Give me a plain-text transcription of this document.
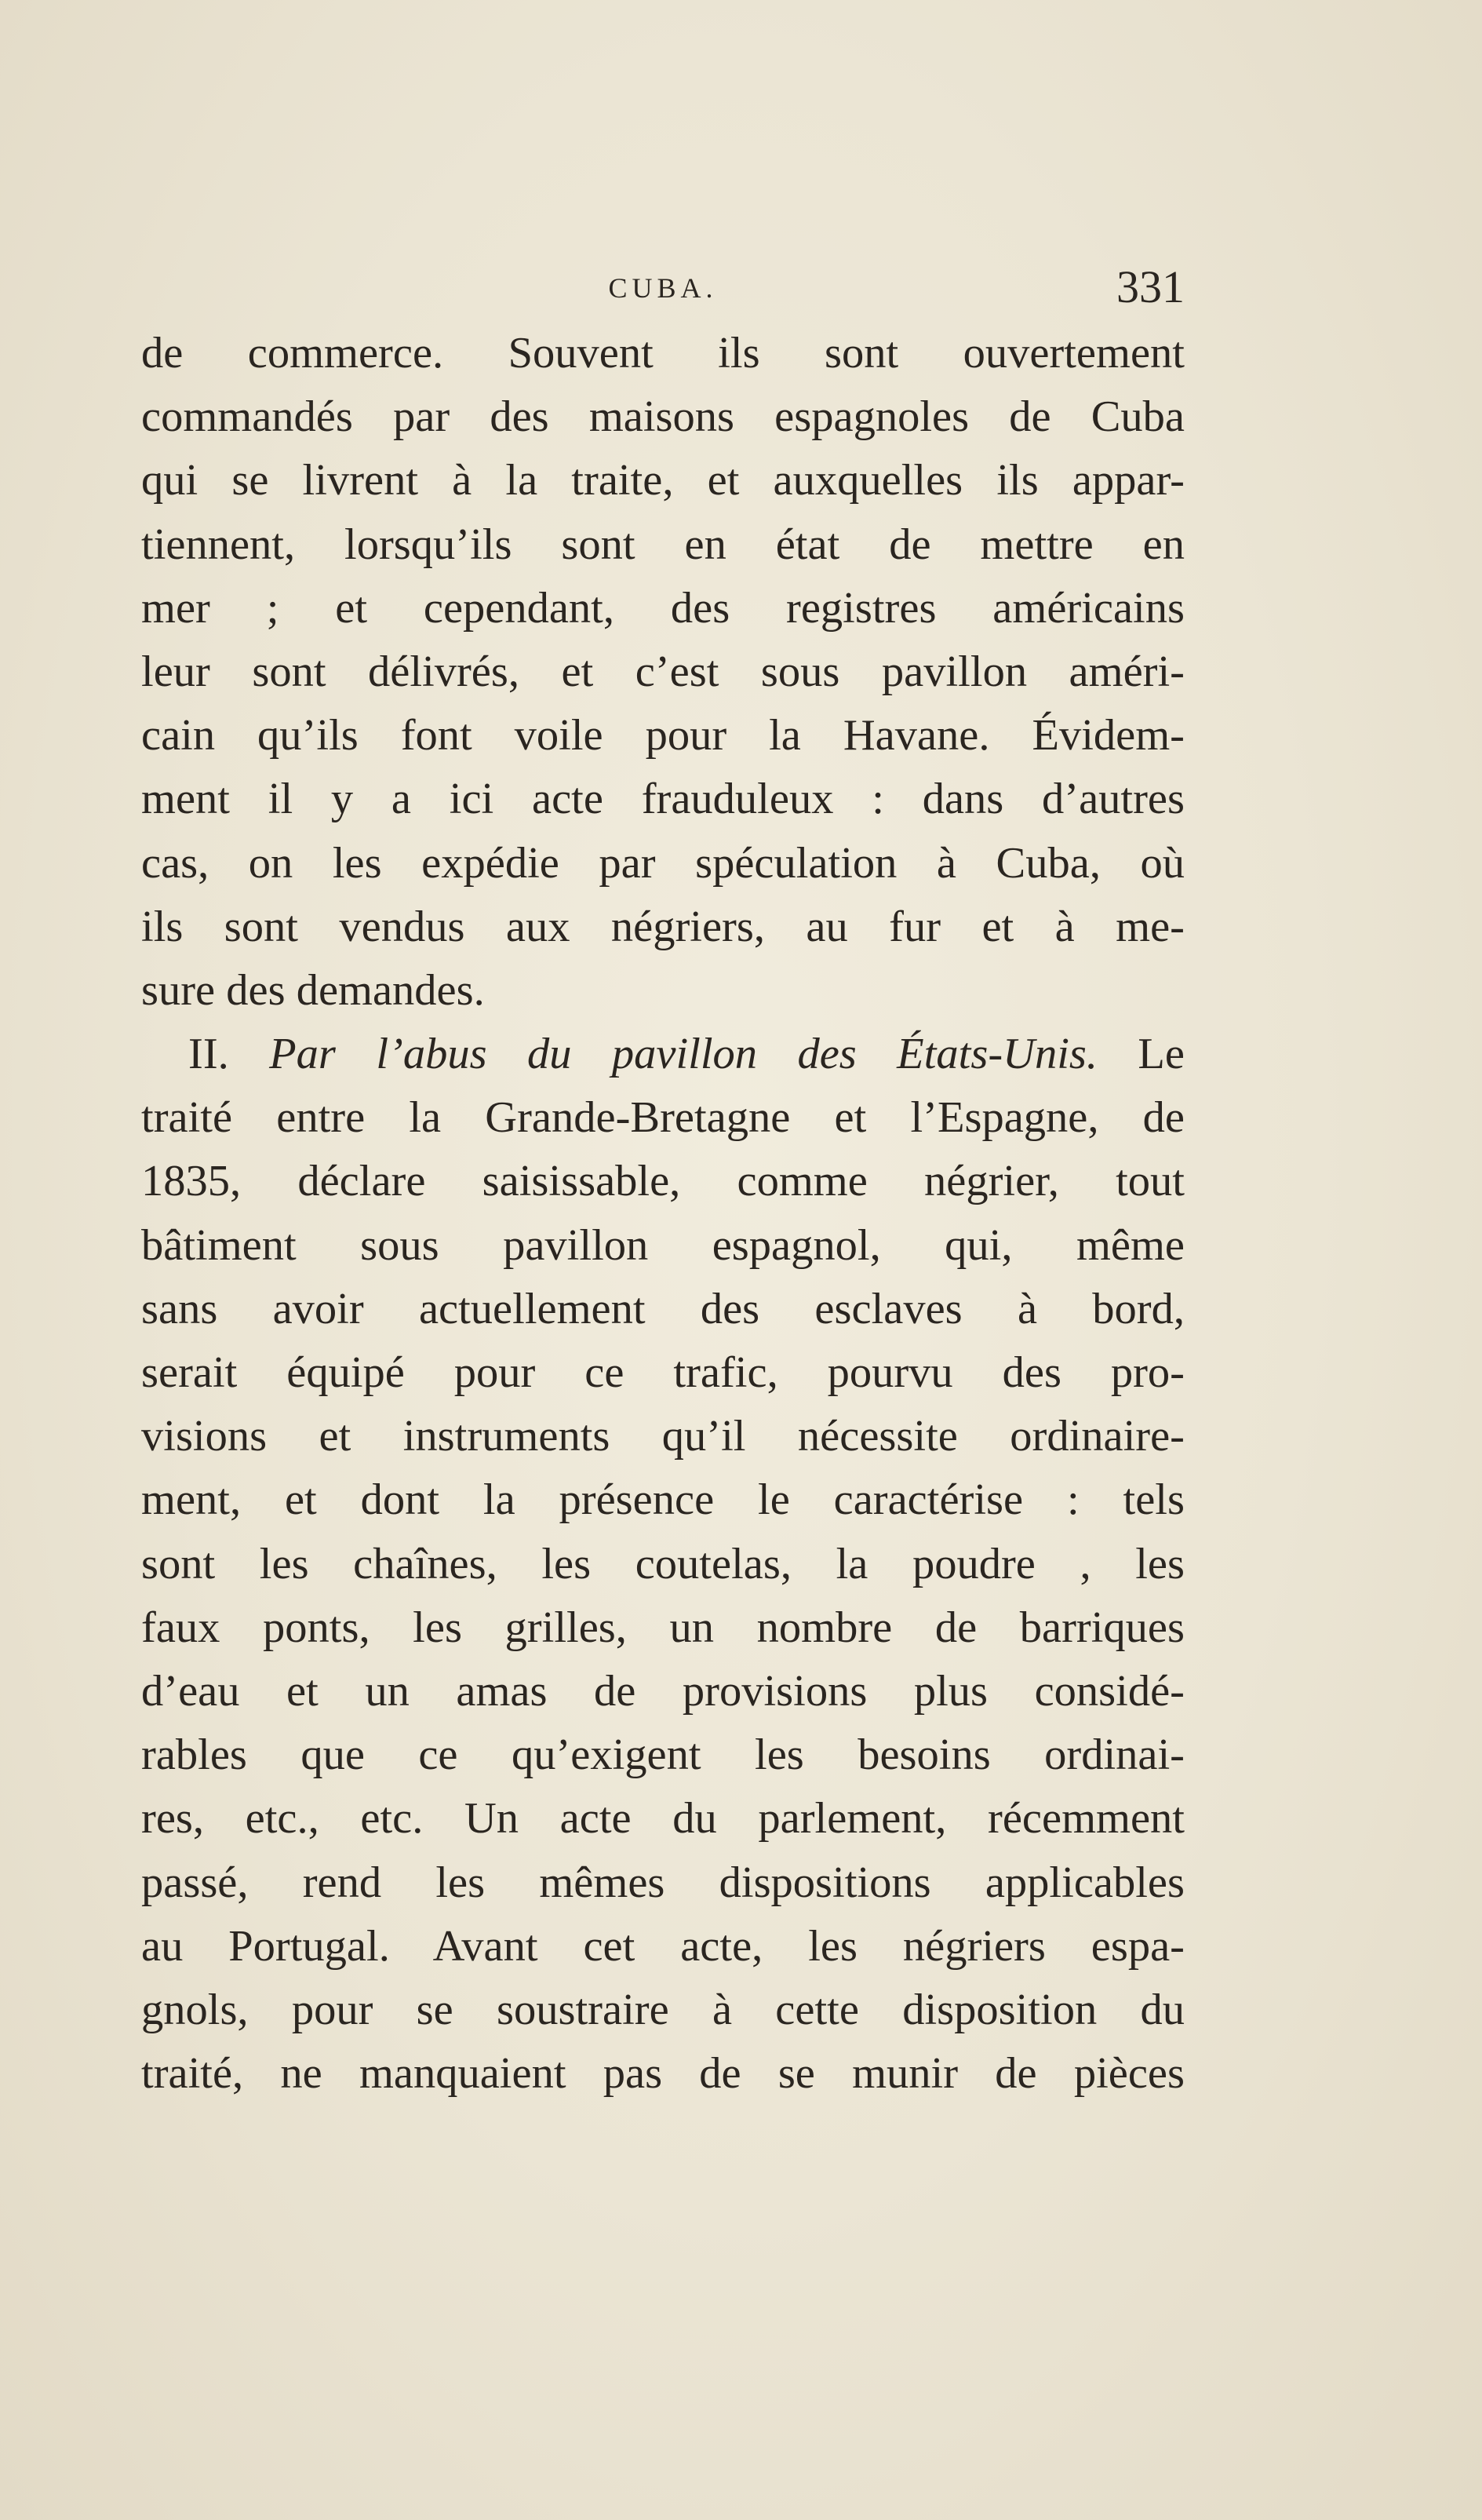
CUBA.	331
de commerce. Souvent ils sont ouvertement
commandés par des maisons espagnoles de Cuba
qui se livrent à la traite, et auxquelles ils appar-
tiennent, lorsqu’ils sont en état de mettre en
mer ; et cependant, des registres américains
leur sont délivrés, et c’est sous pavillon améri-
cain qu’ils font voile pour la Havane. Évidem-
ment il y a ici acte frauduleux : dans d’autres
cas, on les expédie par spéculation à Cuba, où
ils sont vendus aux négriers, au fur et à me-
sure des demandes.
II. Par l’abus du pavillon des États-Unis. Le
traité entre la Grande-Bretagne et l’Espagne, de
1835, déclare saisissable, comme négrier, tout
bâtiment sous pavillon espagnol, qui, même
sans avoir actuellement des esclaves à bord,
serait équipé pour ce trafic, pourvu des pro-
visions et instruments qu’il nécessite ordinaire-
ment, et dont la présence le caractérise : tels
sont les chaînes, les coutelas, la poudre , les
faux ponts, les grilles, un nombre de barriques
d’eau et un amas de provisions plus considé-
rables que ce qu’exigent les besoins ordinai-
res, etc., etc. Un acte du parlement, récemment
passé, rend les mêmes dispositions applicables
au Portugal. Avant cet acte, les négriers espa-
gnols, pour se soustraire à cette disposition du
traité, ne manquaient pas de se munir de pièces
